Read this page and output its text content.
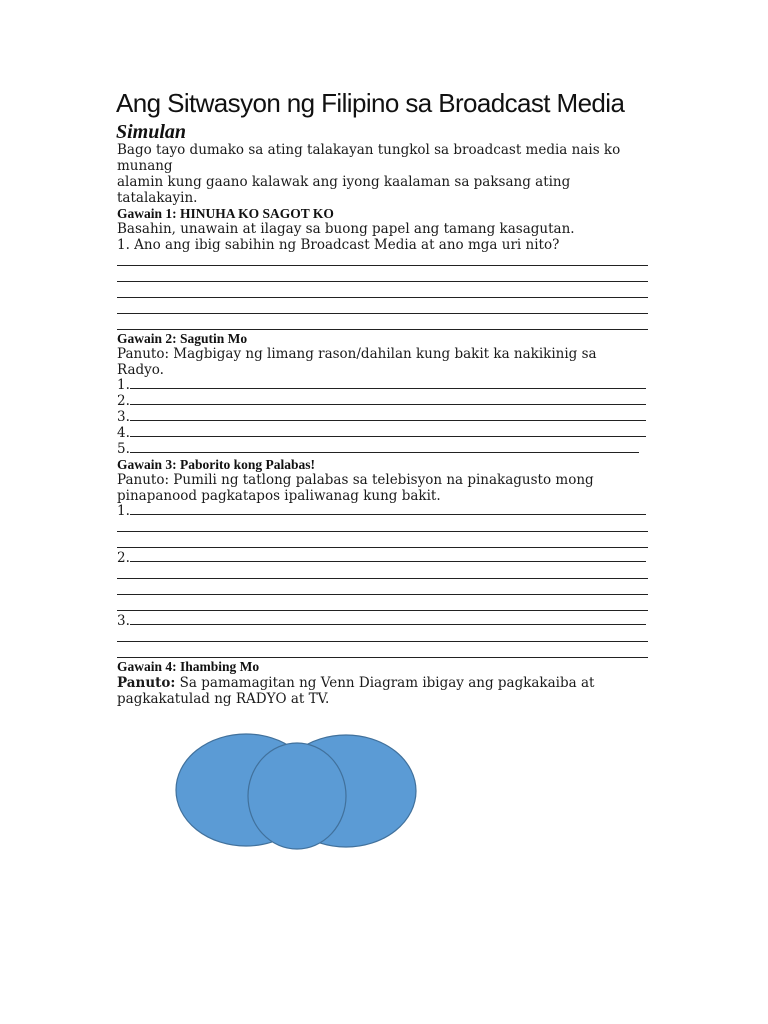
Ang Sitwasyon ng Filipino sa Broadcast Media
Simulan
Bago tayo dumako sa ating talakayan tungkol sa broadcast media nais ko
munang
alamin kung gaano kalawak ang iyong kaalaman sa paksang ating
tatalakayin.
Gawain 1: HINUHA KO SAGOT KO
Basahin, unawain at ilagay sa buong papel ang tamang kasagutan.
1. Ano ang ibig sabihin ng Broadcast Media at ano mga uri nito?
Gawain 2: Sagutin Mo
Panuto: Magbigay ng limang rason/dahilan kung bakit ka nakikinig sa
Radyo.
1.
2.
3.
4.
5.
Gawain 3: Paborito kong Palabas!
Panuto: Pumili ng tatlong palabas sa telebisyon na pinakagusto mong
pinapanood pagkatapos ipaliwanag kung bakit.
1.
2.
3.
Gawain 4: Ihambing Mo
Panuto: Sa pamamagitan ng Venn Diagram ibigay ang pagkakaiba at
pagkakatulad ng RADYO at TV.
